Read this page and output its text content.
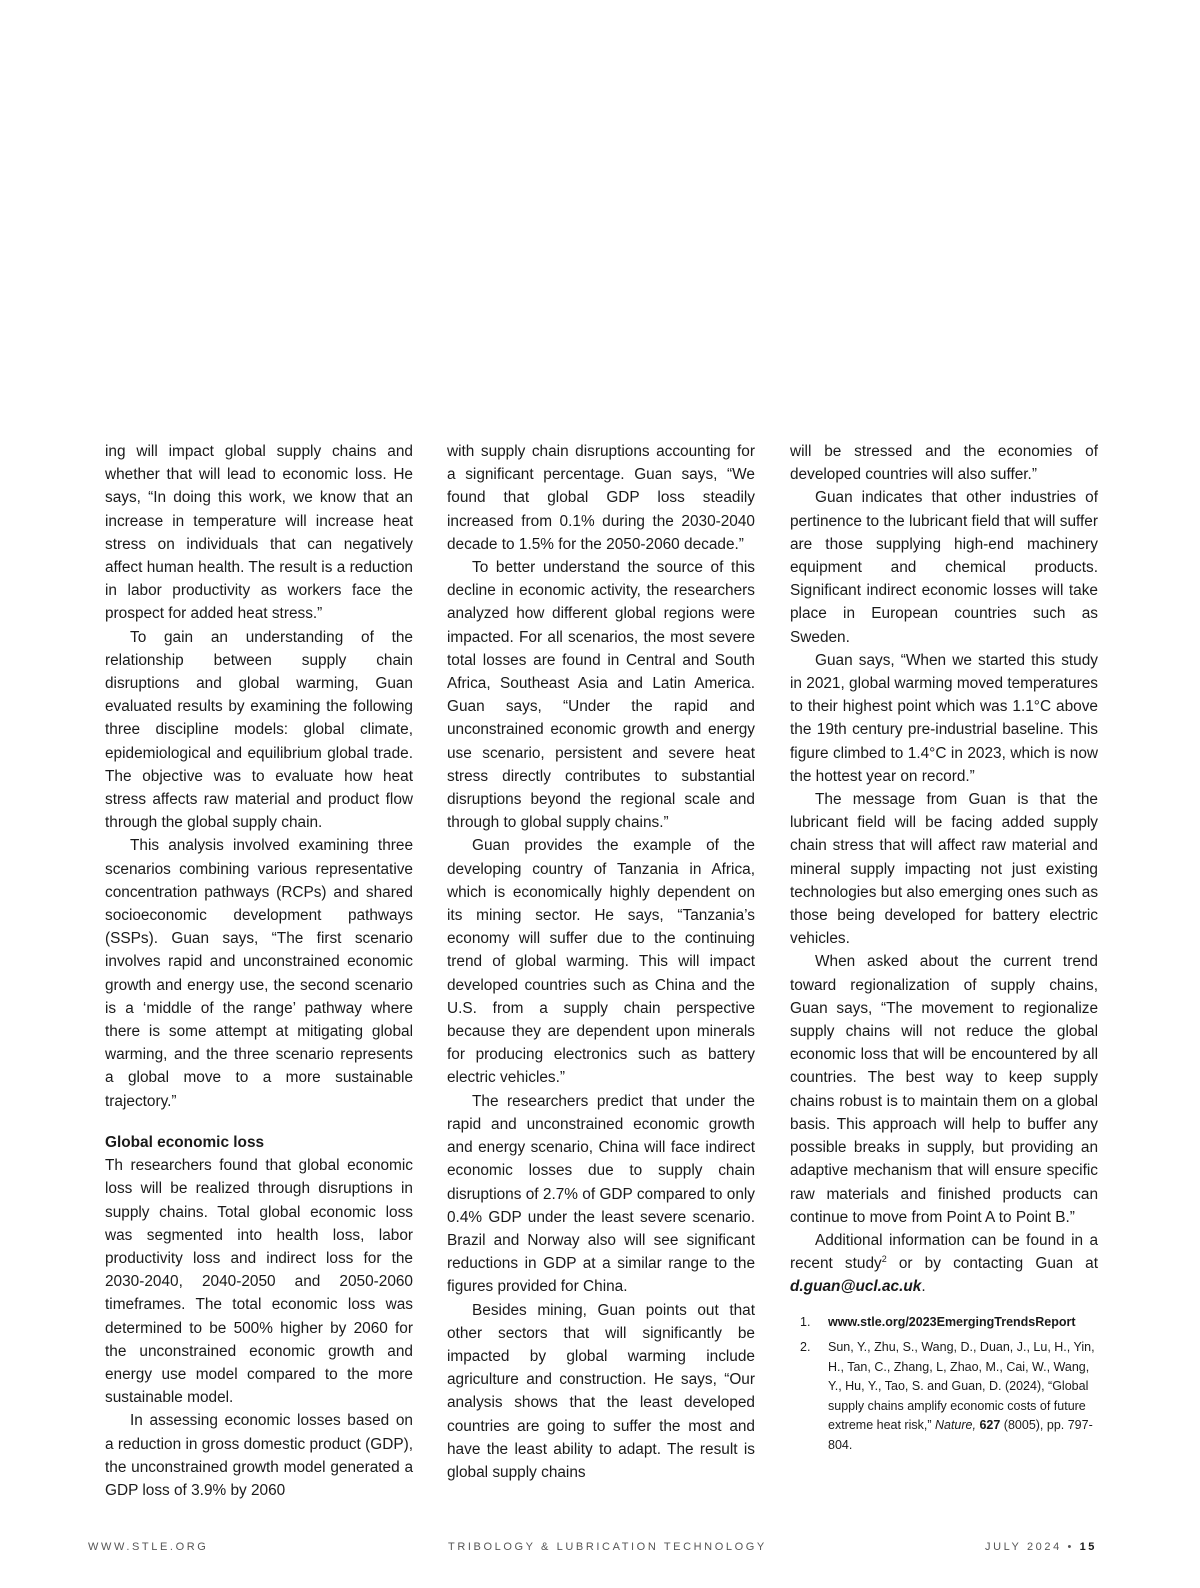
ing will impact global supply chains and whether that will lead to economic loss. He says, “In doing this work, we know that an increase in temperature will increase heat stress on individuals that can negatively affect human health. The result is a reduction in labor productivity as workers face the prospect for added heat stress.”

To gain an understanding of the relationship between supply chain disruptions and global warming, Guan evaluated results by examining the following three discipline models: global climate, epidemiological and equilibrium global trade. The objective was to evaluate how heat stress affects raw material and product flow through the global supply chain.

This analysis involved examining three scenarios combining various representative concentration pathways (RCPs) and shared socioeconomic development pathways (SSPs). Guan says, “The first scenario involves rapid and unconstrained economic growth and energy use, the second scenario is a ‘middle of the range’ pathway where there is some attempt at mitigating global warming, and the three scenario represents a global move to a more sustainable trajectory.”

Global economic loss

Th researchers found that global economic loss will be realized through disruptions in supply chains. Total global economic loss was segmented into health loss, labor productivity loss and indirect loss for the 2030-2040, 2040-2050 and 2050-2060 timeframes. The total economic loss was determined to be 500% higher by 2060 for the unconstrained economic growth and energy use model compared to the more sustainable model.

In assessing economic losses based on a reduction in gross domestic product (GDP), the unconstrained growth model generated a GDP loss of 3.9% by 2060

with supply chain disruptions accounting for a significant percentage. Guan says, “We found that global GDP loss steadily increased from 0.1% during the 2030-2040 decade to 1.5% for the 2050-2060 decade.”

To better understand the source of this decline in economic activity, the researchers analyzed how different global regions were impacted. For all scenarios, the most severe total losses are found in Central and South Africa, Southeast Asia and Latin America. Guan says, “Under the rapid and unconstrained economic growth and energy use scenario, persistent and severe heat stress directly contributes to substantial disruptions beyond the regional scale and through to global supply chains.”

Guan provides the example of the developing country of Tanzania in Africa, which is economically highly dependent on its mining sector. He says, “Tanzania’s economy will suffer due to the continuing trend of global warming. This will impact developed countries such as China and the U.S. from a supply chain perspective because they are dependent upon minerals for producing electronics such as battery electric vehicles.”

The researchers predict that under the rapid and unconstrained economic growth and energy scenario, China will face indirect economic losses due to supply chain disruptions of 2.7% of GDP compared to only 0.4% GDP under the least severe scenario. Brazil and Norway also will see significant reductions in GDP at a similar range to the figures provided for China.

Besides mining, Guan points out that other sectors that will significantly be impacted by global warming include agriculture and construction. He says, “Our analysis shows that the least developed countries are going to suffer the most and have the least ability to adapt. The result is global supply chains

will be stressed and the economies of developed countries will also suffer.”

Guan indicates that other industries of pertinence to the lubricant field that will suffer are those supplying high-end machinery equipment and chemical products. Significant indirect economic losses will take place in European countries such as Sweden.

Guan says, “When we started this study in 2021, global warming moved temperatures to their highest point which was 1.1°C above the 19th century pre-industrial baseline. This figure climbed to 1.4°C in 2023, which is now the hottest year on record.”

The message from Guan is that the lubricant field will be facing added supply chain stress that will affect raw material and mineral supply impacting not just existing technologies but also emerging ones such as those being developed for battery electric vehicles.

When asked about the current trend toward regionalization of supply chains, Guan says, “The movement to regionalize supply chains will not reduce the global economic loss that will be encountered by all countries. The best way to keep supply chains robust is to maintain them on a global basis. This approach will help to buffer any possible breaks in supply, but providing an adaptive mechanism that will ensure specific raw materials and finished products can continue to move from Point A to Point B.”

Additional information can be found in a recent study$^2$ or by contacting Guan at d.guan@ucl.ac.uk.

1.	www.stle.org/2023EmergingTrendsReport
2.	Sun, Y., Zhu, S., Wang, D., Duan, J., Lu, H., Yin, H., Tan, C., Zhang, L, Zhao, M., Cai, W., Wang, Y., Hu, Y., Tao, S. and Guan, D. (2024), “Global supply chains amplify economic costs of future extreme heat risk,” Nature, 627 (8005), pp. 797-804.
WWW.STLE.ORG	TRIBOLOGY & LUBRICATION TECHNOLOGY	JULY 2024 • 15
